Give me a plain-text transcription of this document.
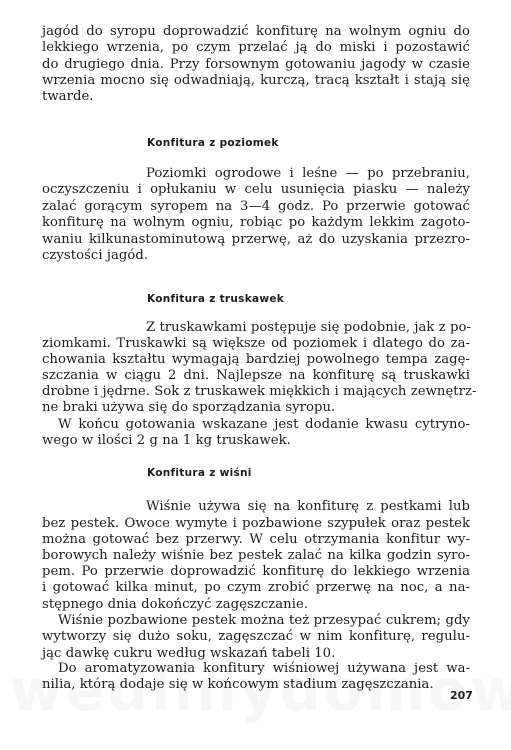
jagód do syropu doprowadzić konfiturę na wolnym ogniu do
lekkiego wrzenia, po czym przelać ją do miski i pozostawić
do drugiego dnia. Przy forsownym gotowaniu jagody w czasie
wrzenia mocno się odwadniają, kurczą, tracą kształt i stają się
twarde.
Konfitura z poziomek
Poziomki ogrodowe i leśne — po przebraniu,
oczyszczeniu i opłukaniu w celu usunięcia piasku — należy
zalać gorącym syropem na 3—4 godz. Po przerwie gotować
konfiturę na wolnym ogniu, robiąc po każdym lekkim zagoto-
waniu kilkunastominutową przerwę, aż do uzyskania przezro-
czystości jagód.
Konfitura z truskawek
Z truskawkami postępuje się podobnie, jak z po-
ziomkami. Truskawki są większe od poziomek i dlatego do za-
chowania kształtu wymagają bardziej powolnego tempa zagę-
szczania w ciągu 2 dni. Najlepsze na konfiturę są truskawki
drobne i jędrne. Sok z truskawek miękkich i mających zewnętrz-
ne braki używa się do sporządzania syropu.
W końcu gotowania wskazane jest dodanie kwasu cytryno-
wego w ilości 2 g na 1 kg truskawek.
Konfitura z wiśni
Wiśnie używa się na konfiturę z pestkami lub
bez pestek. Owoce wymyte i pozbawione szypułek oraz pestek
można gotować bez przerwy. W celu otrzymania konfitur wy-
borowych należy wiśnie bez pestek zalać na kilka godzin syro-
pem. Po przerwie doprowadzić konfiturę do lekkiego wrzenia
i gotować kilka minut, po czym zrobić przerwę na noc, a na-
stępnego dnia dokończyć zagęszczanie.
Wiśnie pozbawione pestek można też przesypać cukrem; gdy
wytworzy się dużo soku, zagęszczać w nim konfiturę, regulu-
jąc dawkę cukru według wskazań tabeli 10.
Do aromatyzowania konfitury wiśniowej używana jest wa-
nilia, którą dodaje się w końcowym stadium zagęszczania.
207
